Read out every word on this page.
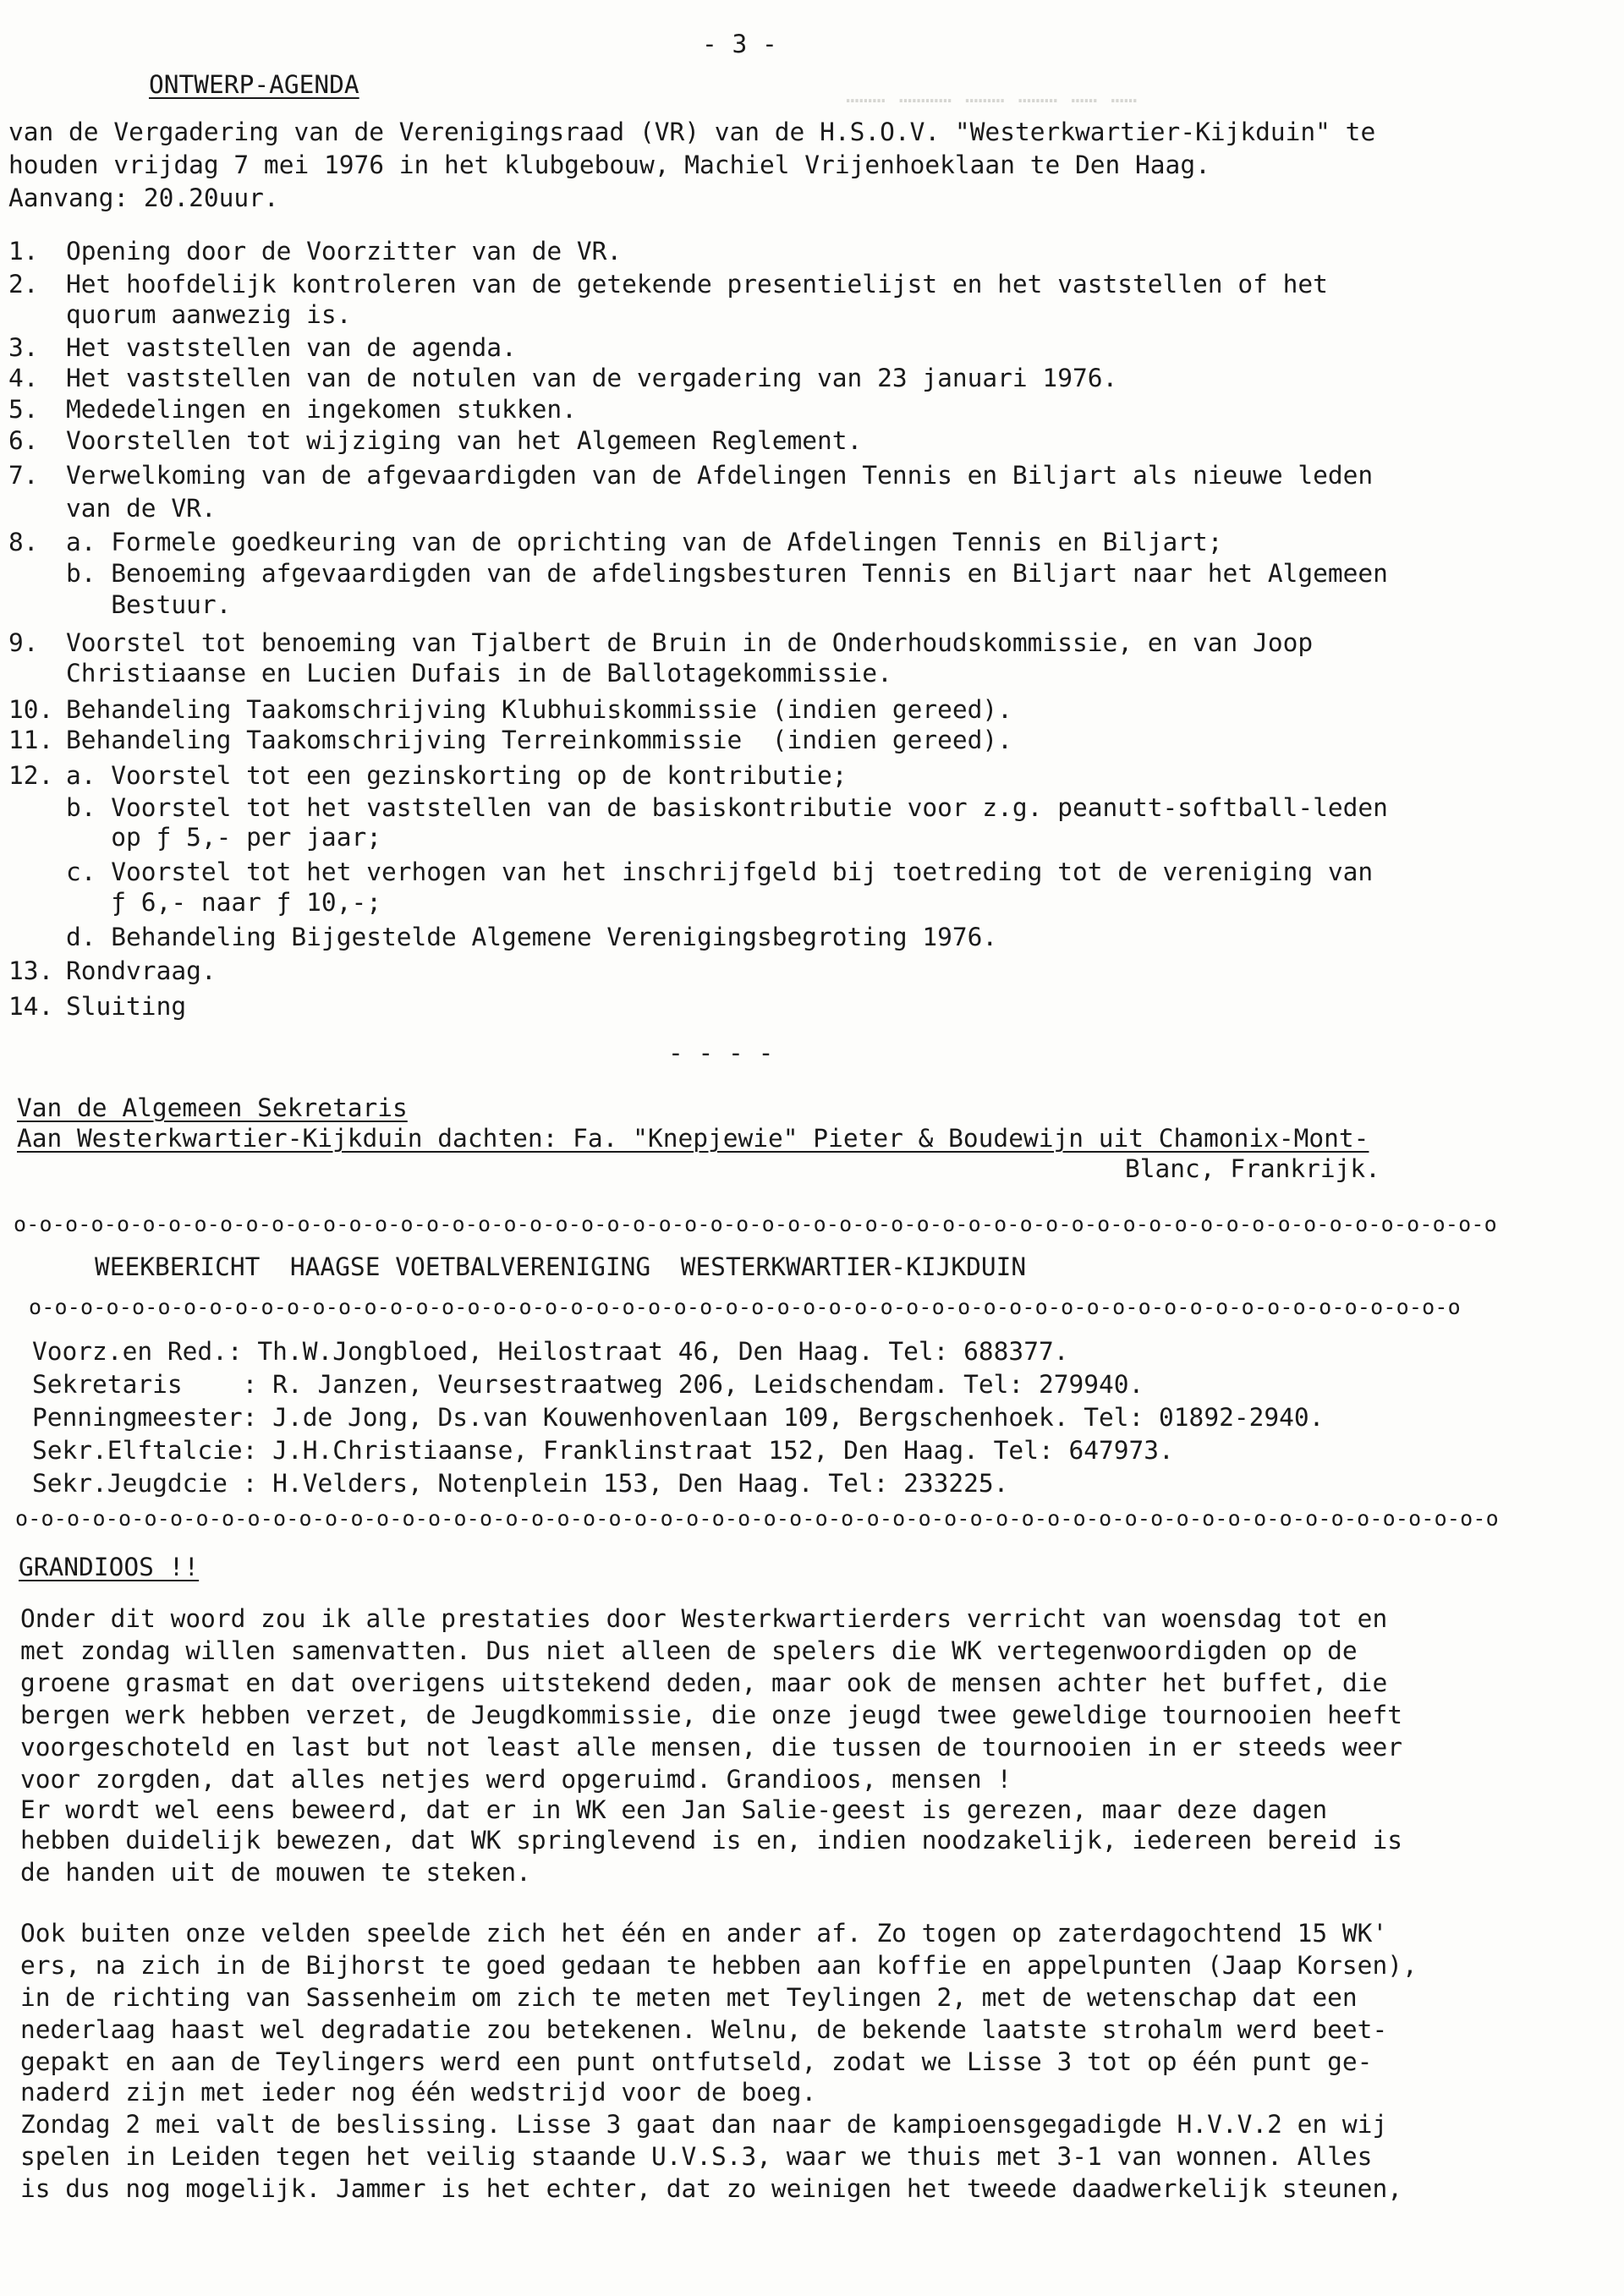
……… ………… ……… ……… …… ……
- 3 -
ONTWERP-AGENDA
van de Vergadering van de Verenigingsraad (VR) van de H.S.O.V. "Westerkwartier-Kijkduin" te
houden vrijdag 7 mei 1976 in het klubgebouw, Machiel Vrijenhoeklaan te Den Haag.
Aanvang: 20.20uur.
1. Opening door de Voorzitter van de VR.
2. Het hoofdelijk kontroleren van de getekende presentielijst en het vaststellen of het
quorum aanwezig is.
3. Het vaststellen van de agenda.
4. Het vaststellen van de notulen van de vergadering van 23 januari 1976.
5. Mededelingen en ingekomen stukken.
6. Voorstellen tot wijziging van het Algemeen Reglement.
7. Verwelkoming van de afgevaardigden van de Afdelingen Tennis en Biljart als nieuwe leden
van de VR.
8. a. Formele goedkeuring van de oprichting van de Afdelingen Tennis en Biljart;
b. Benoeming afgevaardigden van de afdelingsbesturen Tennis en Biljart naar het Algemeen
Bestuur.
9. Voorstel tot benoeming van Tjalbert de Bruin in de Onderhoudskommissie, en van Joop
Christiaanse en Lucien Dufais in de Ballotagekommissie.
10. Behandeling Taakomschrijving Klubhuiskommissie (indien gereed).
11. Behandeling Taakomschrijving Terreinkommissie  (indien gereed).
12. a. Voorstel tot een gezinskorting op de kontributie;
b. Voorstel tot het vaststellen van de basiskontributie voor z.g. peanutt-softball-leden
op ƒ 5,- per jaar;
c. Voorstel tot het verhogen van het inschrijfgeld bij toetreding tot de vereniging van
ƒ 6,- naar ƒ 10,-;
d. Behandeling Bijgestelde Algemene Verenigingsbegroting 1976.
13. Rondvraag.
14. Sluiting
- - - -
Van de Algemeen Sekretaris
Aan Westerkwartier-Kijkduin dachten: Fa. "Knepjewie" Pieter & Boudewijn uit Chamonix-Mont-
Blanc, Frankrijk.
o-o-o-o-o-o-o-o-o-o-o-o-o-o-o-o-o-o-o-o-o-o-o-o-o-o-o-o-o-o-o-o-o-o-o-o-o-o-o-o-o-o-o-o-o-o-o-o-o-o-o-o-o-o-o-o-o-o
WEEKBERICHT  HAAGSE VOETBALVERENIGING  WESTERKWARTIER-KIJKDUIN
o-o-o-o-o-o-o-o-o-o-o-o-o-o-o-o-o-o-o-o-o-o-o-o-o-o-o-o-o-o-o-o-o-o-o-o-o-o-o-o-o-o-o-o-o-o-o-o-o-o-o-o-o-o-o-o
Voorz.en Red.: Th.W.Jongbloed, Heilostraat 46, Den Haag. Tel: 688377.
Sekretaris    : R. Janzen, Veursestraatweg 206, Leidschendam. Tel: 279940.
Penningmeester: J.de Jong, Ds.van Kouwenhovenlaan 109, Bergschenhoek. Tel: 01892-2940.
Sekr.Elftalcie: J.H.Christiaanse, Franklinstraat 152, Den Haag. Tel: 647973.
Sekr.Jeugdcie : H.Velders, Notenplein 153, Den Haag. Tel: 233225.
o-o-o-o-o-o-o-o-o-o-o-o-o-o-o-o-o-o-o-o-o-o-o-o-o-o-o-o-o-o-o-o-o-o-o-o-o-o-o-o-o-o-o-o-o-o-o-o-o-o-o-o-o-o-o-o-o-o
GRANDIOOS !!
Onder dit woord zou ik alle prestaties door Westerkwartierders verricht van woensdag tot en
met zondag willen samenvatten. Dus niet alleen de spelers die WK vertegenwoordigden op de
groene grasmat en dat overigens uitstekend deden, maar ook de mensen achter het buffet, die
bergen werk hebben verzet, de Jeugdkommissie, die onze jeugd twee geweldige tournooien heeft
voorgeschoteld en last but not least alle mensen, die tussen de tournooien in er steeds weer
voor zorgden, dat alles netjes werd opgeruimd. Grandioos, mensen !
Er wordt wel eens beweerd, dat er in WK een Jan Salie-geest is gerezen, maar deze dagen
hebben duidelijk bewezen, dat WK springlevend is en, indien noodzakelijk, iedereen bereid is
de handen uit de mouwen te steken.
Ook buiten onze velden speelde zich het één en ander af. Zo togen op zaterdagochtend 15 WK'
ers, na zich in de Bijhorst te goed gedaan te hebben aan koffie en appelpunten (Jaap Korsen),
in de richting van Sassenheim om zich te meten met Teylingen 2, met de wetenschap dat een
nederlaag haast wel degradatie zou betekenen. Welnu, de bekende laatste strohalm werd beet-
gepakt en aan de Teylingers werd een punt ontfutseld, zodat we Lisse 3 tot op één punt ge-
naderd zijn met ieder nog één wedstrijd voor de boeg.
Zondag 2 mei valt de beslissing. Lisse 3 gaat dan naar de kampioensgegadigde H.V.V.2 en wij
spelen in Leiden tegen het veilig staande U.V.S.3, waar we thuis met 3-1 van wonnen. Alles
is dus nog mogelijk. Jammer is het echter, dat zo weinigen het tweede daadwerkelijk steunen,
